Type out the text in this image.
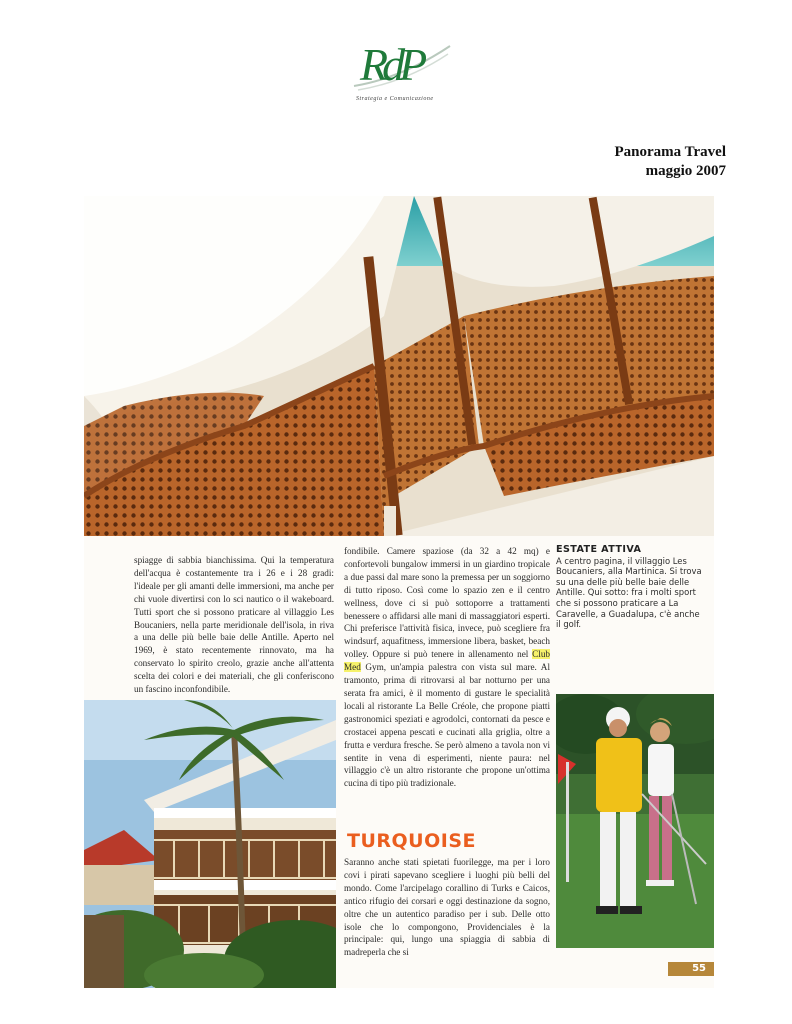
RdP
Strategia e Comunicazione
Panorama Travel
maggio 2007
spiagge di sabbia bianchissima. Qui la temperatura dell'acqua è costantemente tra i 26 e i 28 gradi: l'ideale per gli amanti delle immersioni, ma anche per chi vuole divertirsi con lo sci nautico o il wakeboard. Tutti sport che si possono praticare al villaggio Les Boucaniers, nella parte meridionale dell'isola, in riva a una delle più belle baie delle Antille. Aperto nel 1969, è stato recentemente rinnovato, ma ha conservato lo spirito creolo, grazie anche all'attenta scelta dei colori e dei materiali, che gli conferiscono un fascino inconfondibile.
fondibile. Camere spaziose (da 32 a 42 mq) e confortevoli bungalow immersi in un giardino tropicale a due passi dal mare sono la premessa per un soggiorno di tutto riposo. Così come lo spazio zen e il centro wellness, dove ci si può sottoporre a trattamenti benessere o affidarsi alle mani di massaggiatori esperti. Chi preferisce l'attività fisica, invece, può scegliere fra windsurf, aquafitness, immersione libera, basket, beach volley. Oppure si può tenere in allenamento nel Club Med Gym, un'ampia palestra con vista sul mare. Al tramonto, prima di ritrovarsi al bar notturno per una serata fra amici, è il momento di gustare le specialità locali al ristorante La Belle Créole, che propone piatti gastronomici speziati e agrodolci, contornati da pesce e crostacei appena pescati e cucinati alla griglia, oltre a frutta e verdura fresche. Se però almeno a tavola non vi sentite in vena di esperimenti, niente paura: nel villaggio c'è un altro ristorante che propone un'ottima cucina di tipo più tradizionale.
TURQUOISE
Saranno anche stati spietati fuorilegge, ma per i loro covi i pirati sapevano scegliere i luoghi più belli del mondo. Come l'arcipelago corallino di Turks e Caicos, antico rifugio dei corsari e oggi destinazione da sogno, oltre che un autentico paradiso per i sub. Delle otto isole che lo compongono, Providenciales è la principale: qui, lungo una spiaggia di sabbia di madreperla che si
ESTATE ATTIVA
A centro pagina, il villaggio Les Boucaniers, alla Martinica. Si trova su una delle più belle baie delle Antille. Qui sotto: fra i molti sport che si possono praticare a La Caravelle, a Guadalupa, c'è anche il golf.
55
